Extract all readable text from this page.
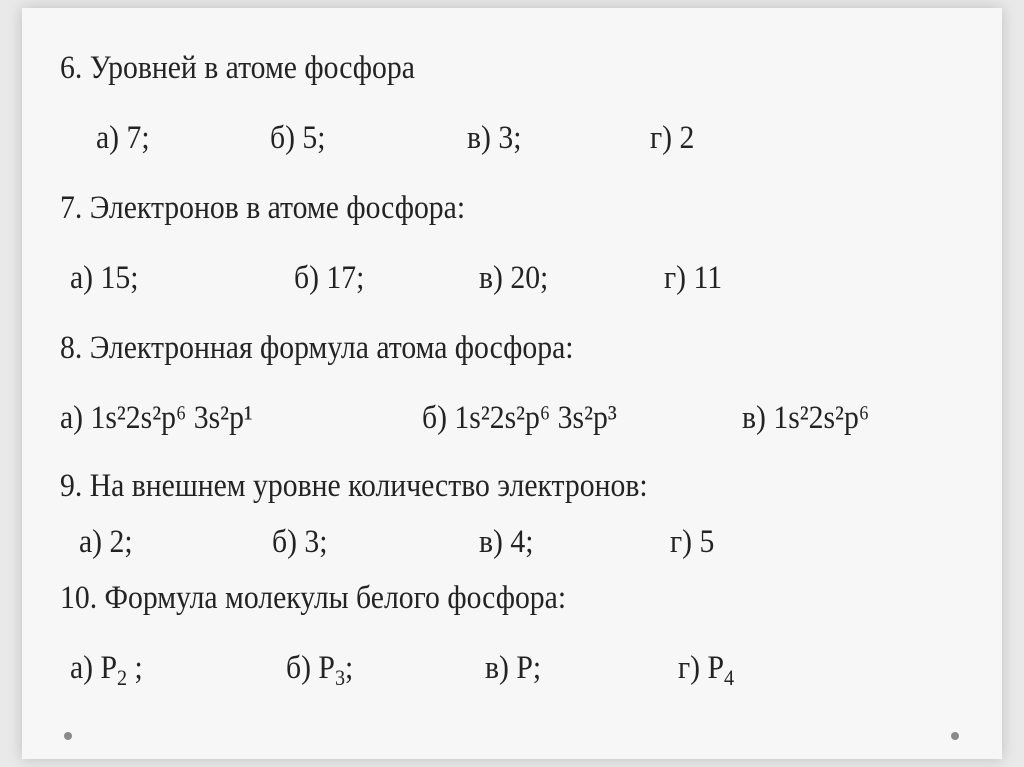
6. Уровней в атоме фосфора
а) 7;	б) 5;	в) 3;	г) 2
7. Электронов в атоме фосфора:
а) 15;	б) 17;	в) 20;	г) 11
8. Электронная формула атома фосфора:
а) 1s²2s²p⁶ 3s²p¹	б) 1s²2s²p⁶ 3s²p³	в) 1s²2s²p⁶
9. На внешнем уровне количество электронов:
а) 2;	б) 3;	в) 4;	г) 5
10. Формула молекулы белого фосфора:
а) $P_2$ ;	б) $P_3$;	в) P;	г) $P_4$
